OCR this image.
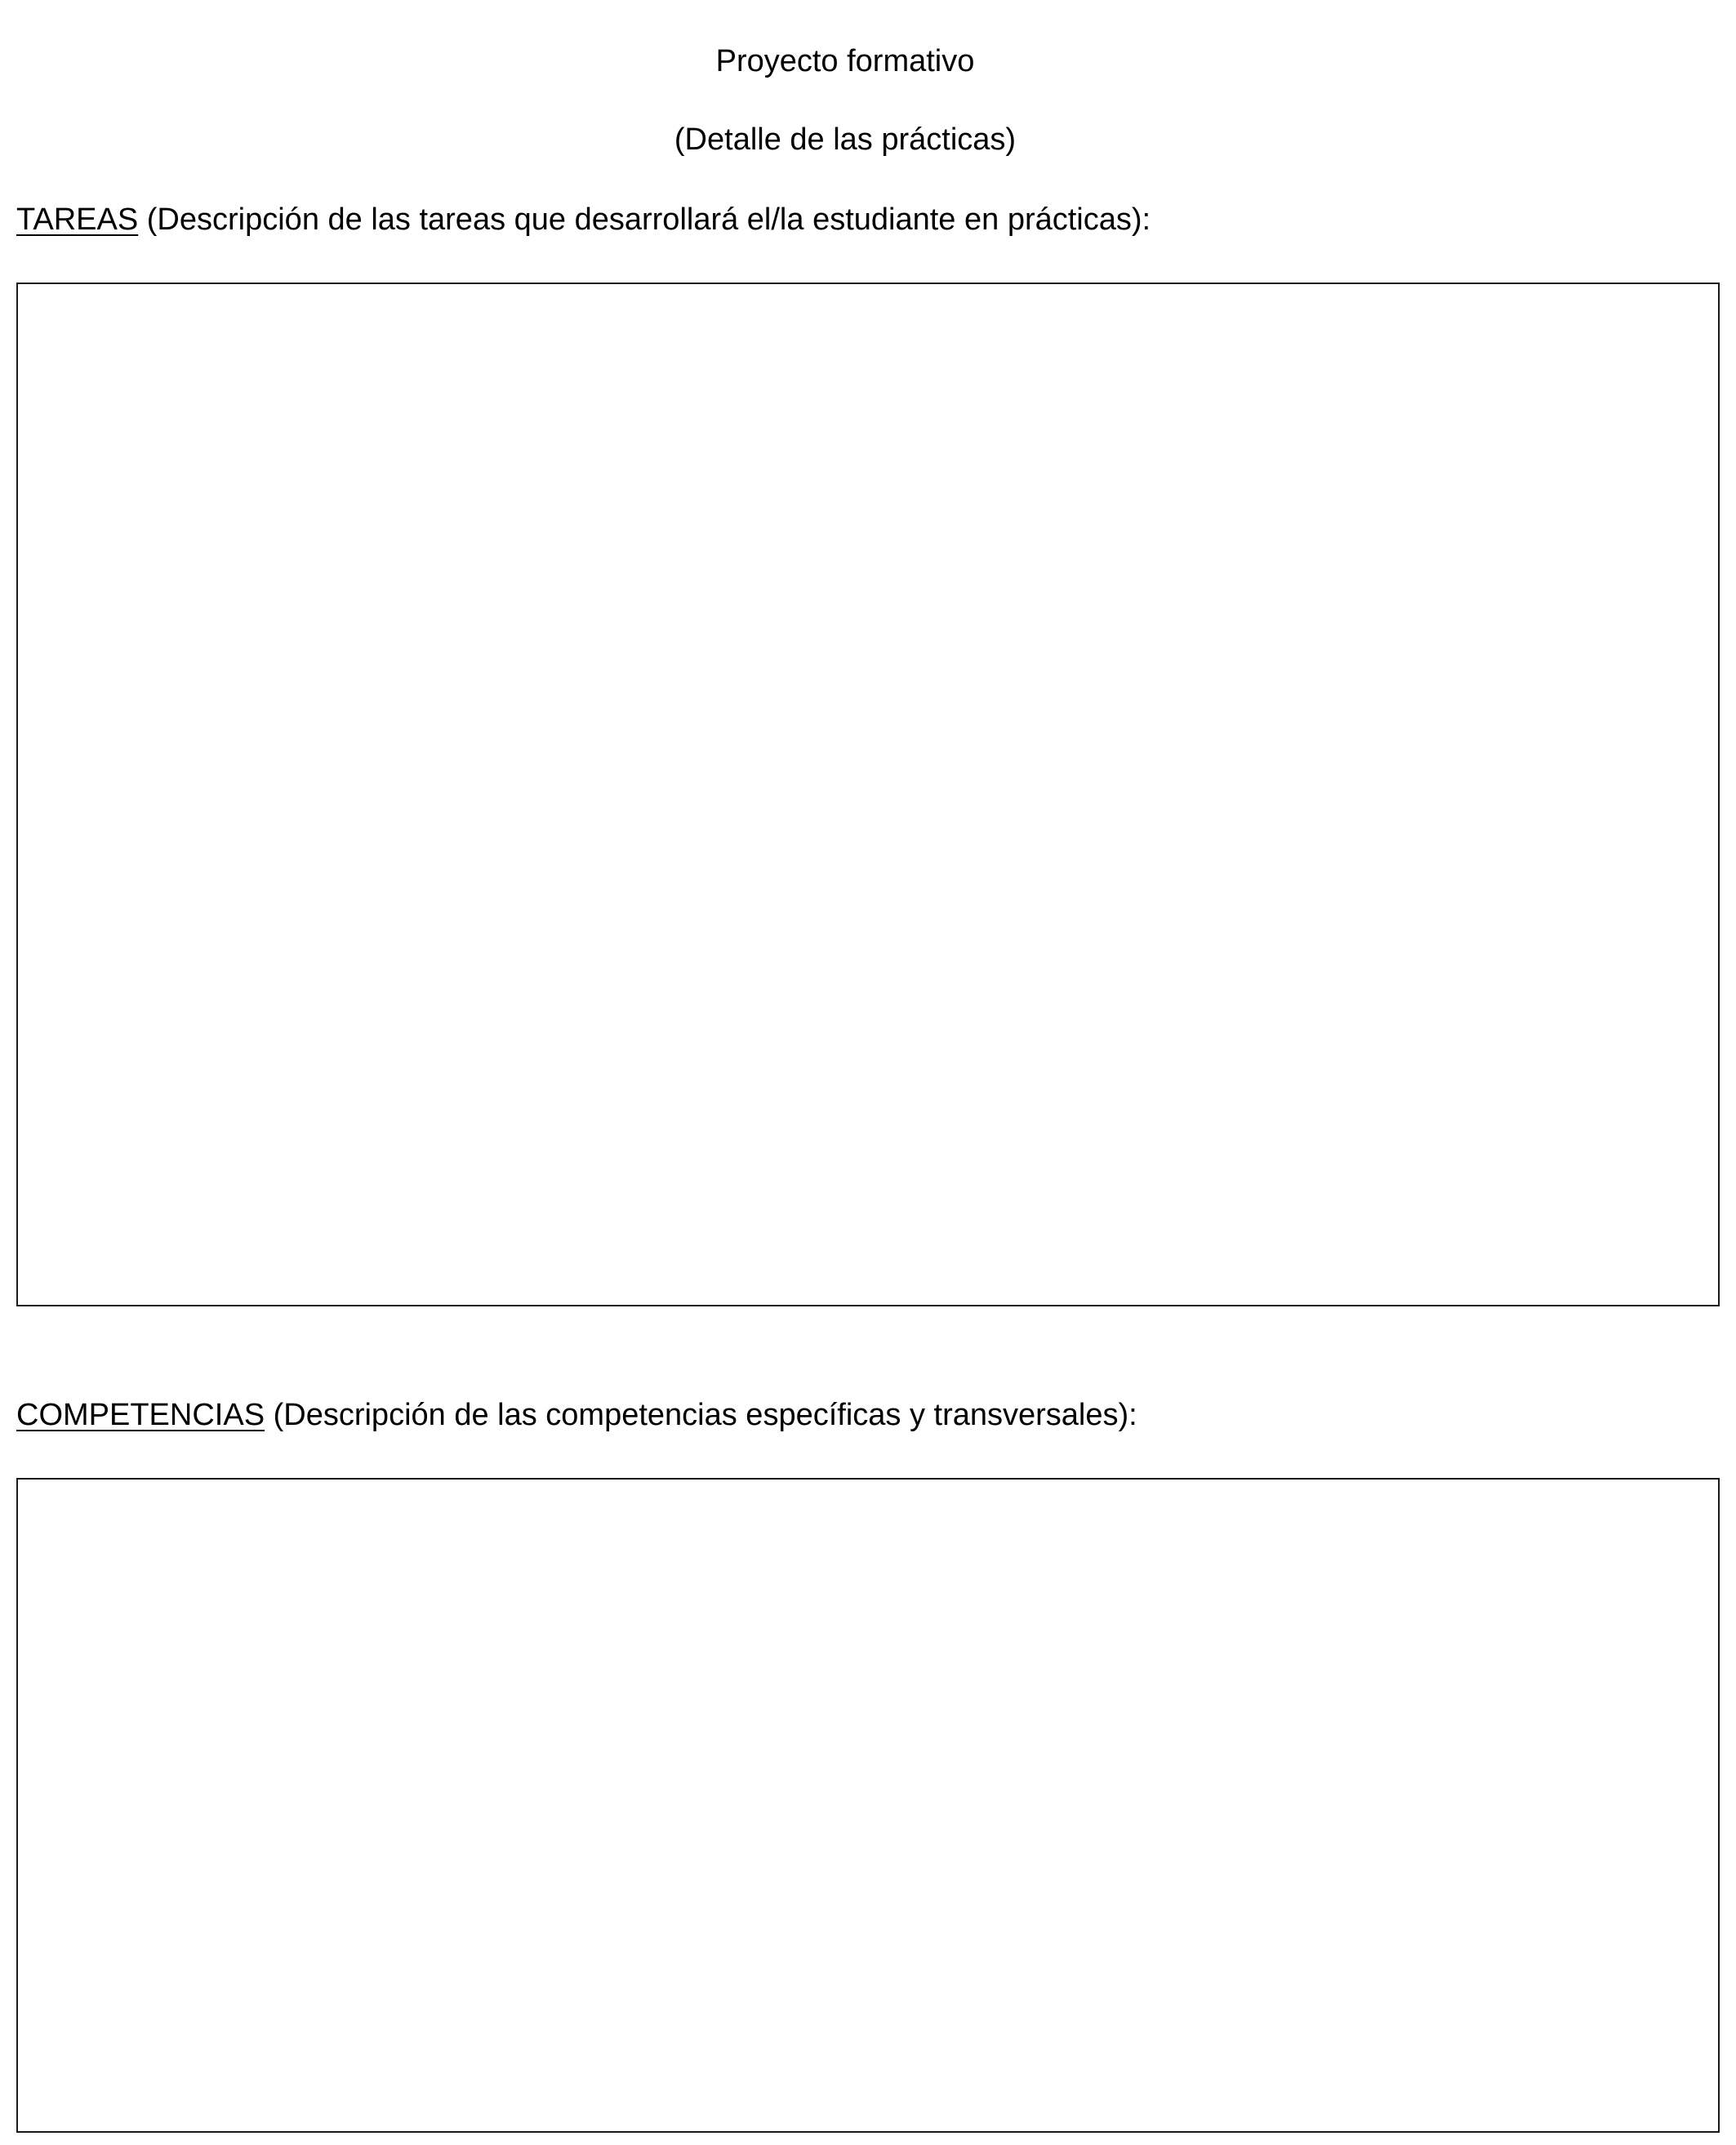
Proyecto formativo
(Detalle de las prácticas)
TAREAS (Descripción de las tareas que desarrollará el/la estudiante en prácticas):
COMPETENCIAS (Descripción de las competencias específicas y transversales):
